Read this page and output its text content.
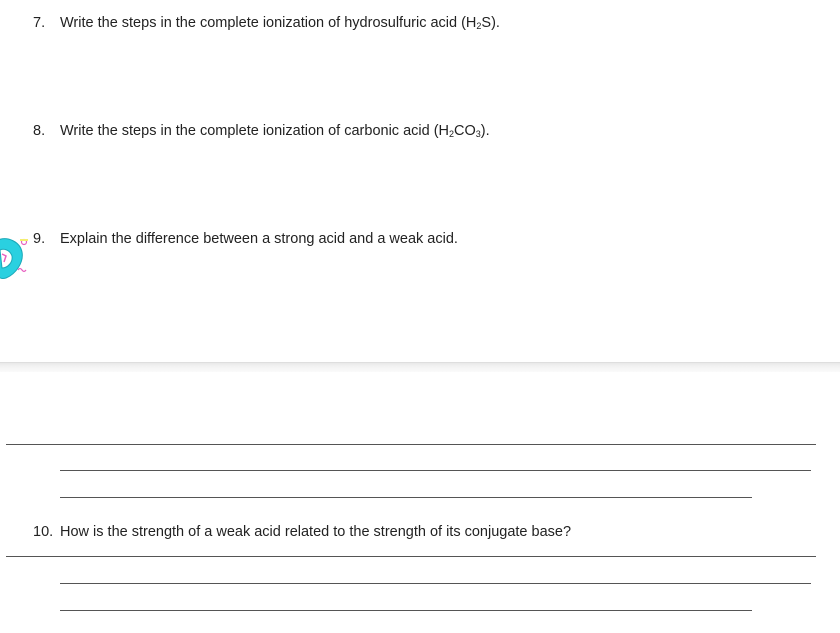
7. Write the steps in the complete ionization of hydrosulfuric acid $(H_2S)$.
8. Write the steps in the complete ionization of carbonic acid $(H_2CO_3)$.
9. Explain the difference between a strong acid and a weak acid.
10. How is the strength of a weak acid related to the strength of its conjugate base?
